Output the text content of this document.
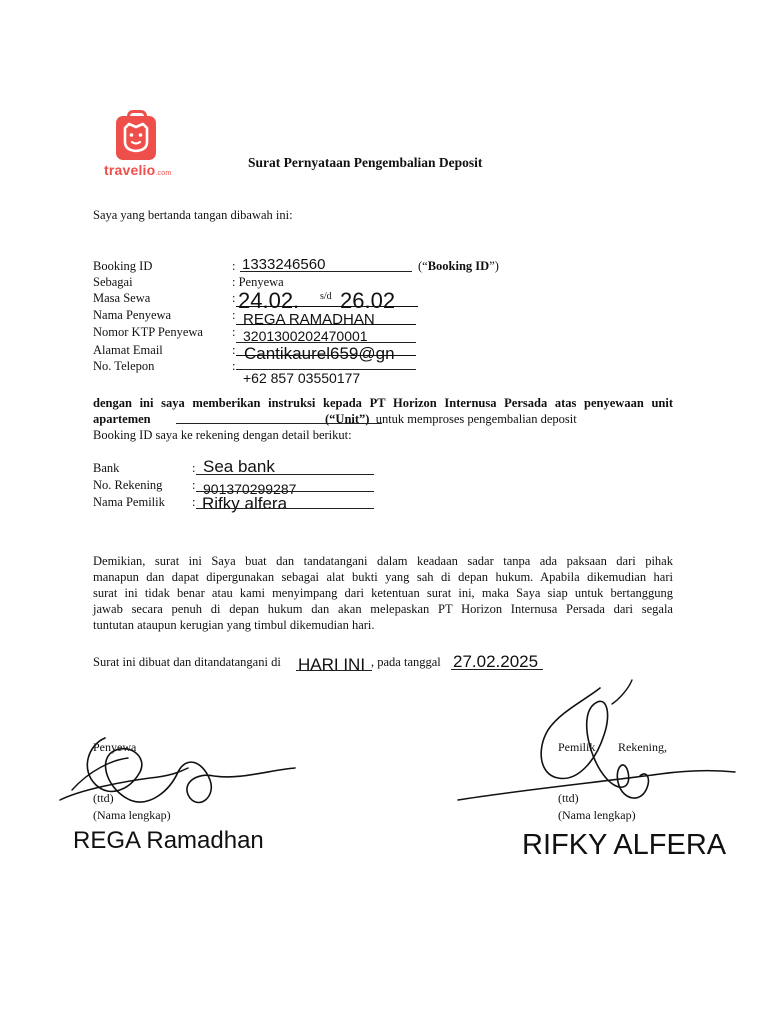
travelio.com
Surat Pernyataan Pengembalian Deposit
Saya yang bertanda tangan dibawah ini:
Booking ID	: 1333246560	(“Booking ID”)
Sebagai	: Penyewa
Masa Sewa	: 24.02. s/d 26.02
Nama Penyewa	: REGA RAMADHAN
Nomor KTP Penyewa : 3201300202470001
Alamat Email	: Cantikaurel659@gn
No. Telepon	:
+62 857 03550177
dengan ini saya memberikan instruksi kepada PT Horizon Internusa Persada atas penyewaan unit
apartemen	(“Unit”) untuk memproses pengembalian deposit
Booking ID saya ke rekening dengan detail berikut:
Bank	: Sea bank
No. Rekening : 901370299287
Nama Pemilik : Rifky alfera
Demikian, surat ini Saya buat dan tandatangani dalam keadaan sadar tanpa ada paksaan dari pihak
manapun dan dapat dipergunakan sebagai alat bukti yang sah di depan hukum. Apabila dikemudian hari
surat ini tidak benar atau kami menyimpang dari ketentuan surat ini, maka Saya siap untuk bertanggung
jawab secara penuh di depan hukum dan akan melepaskan PT Horizon Internusa Persada dari segala
tuntutan ataupun kerugian yang timbul dikemudian hari.
Surat ini dibuat dan ditandatangani di HARI INI , pada tanggal 27.02.2025
Penyewa
(ttd)
(Nama lengkap)
Pemilik Rekening,
(ttd)
(Nama lengkap)
REGA Ramadhan	RIFKY ALFERA
